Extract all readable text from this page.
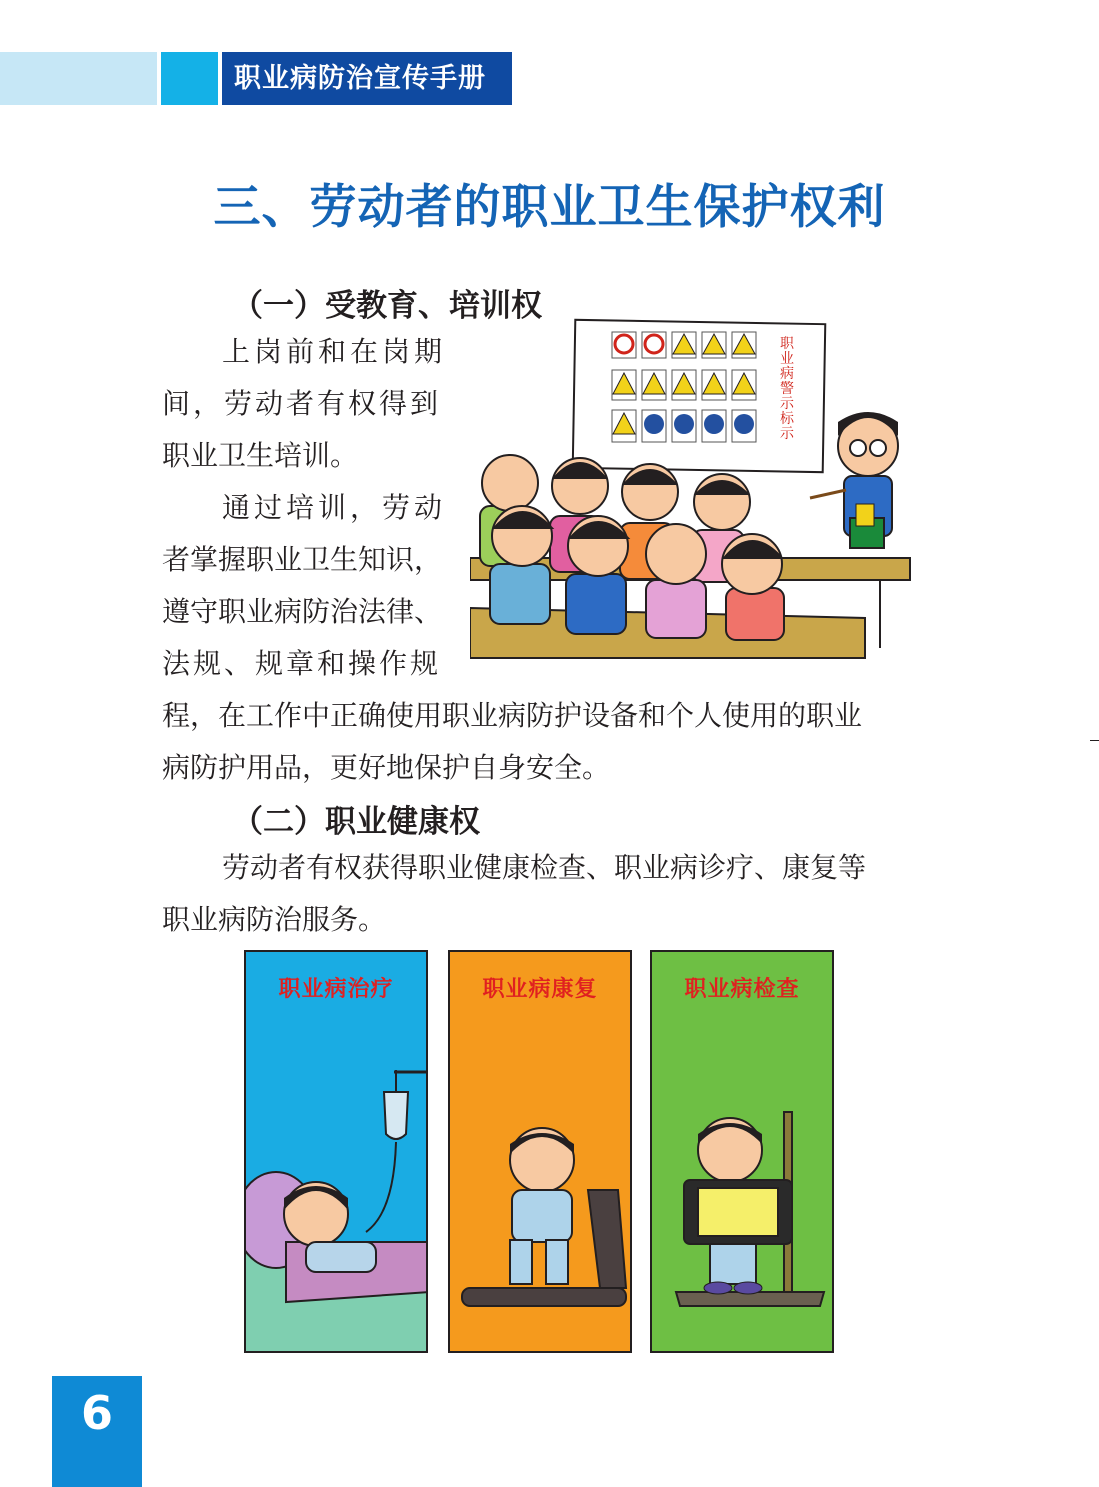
职业病防治宣传手册
三、劳动者的职业卫生保护权利
（一）受教育、培训权
上岗前和在岗期
间，劳动者有权得到
职业卫生培训。
通过培训，劳动
者掌握职业卫生知识，
遵守职业病防治法律、
法规、规章和操作规
程，在工作中正确使用职业病防护设备和个人使用的职业
病防护用品，更好地保护自身安全。
职业病警示标示
（二）职业健康权
劳动者有权获得职业健康检查、职业病诊疗、康复等
职业病防治服务。
职业病治疗	职业病康复	职业病检查
6
